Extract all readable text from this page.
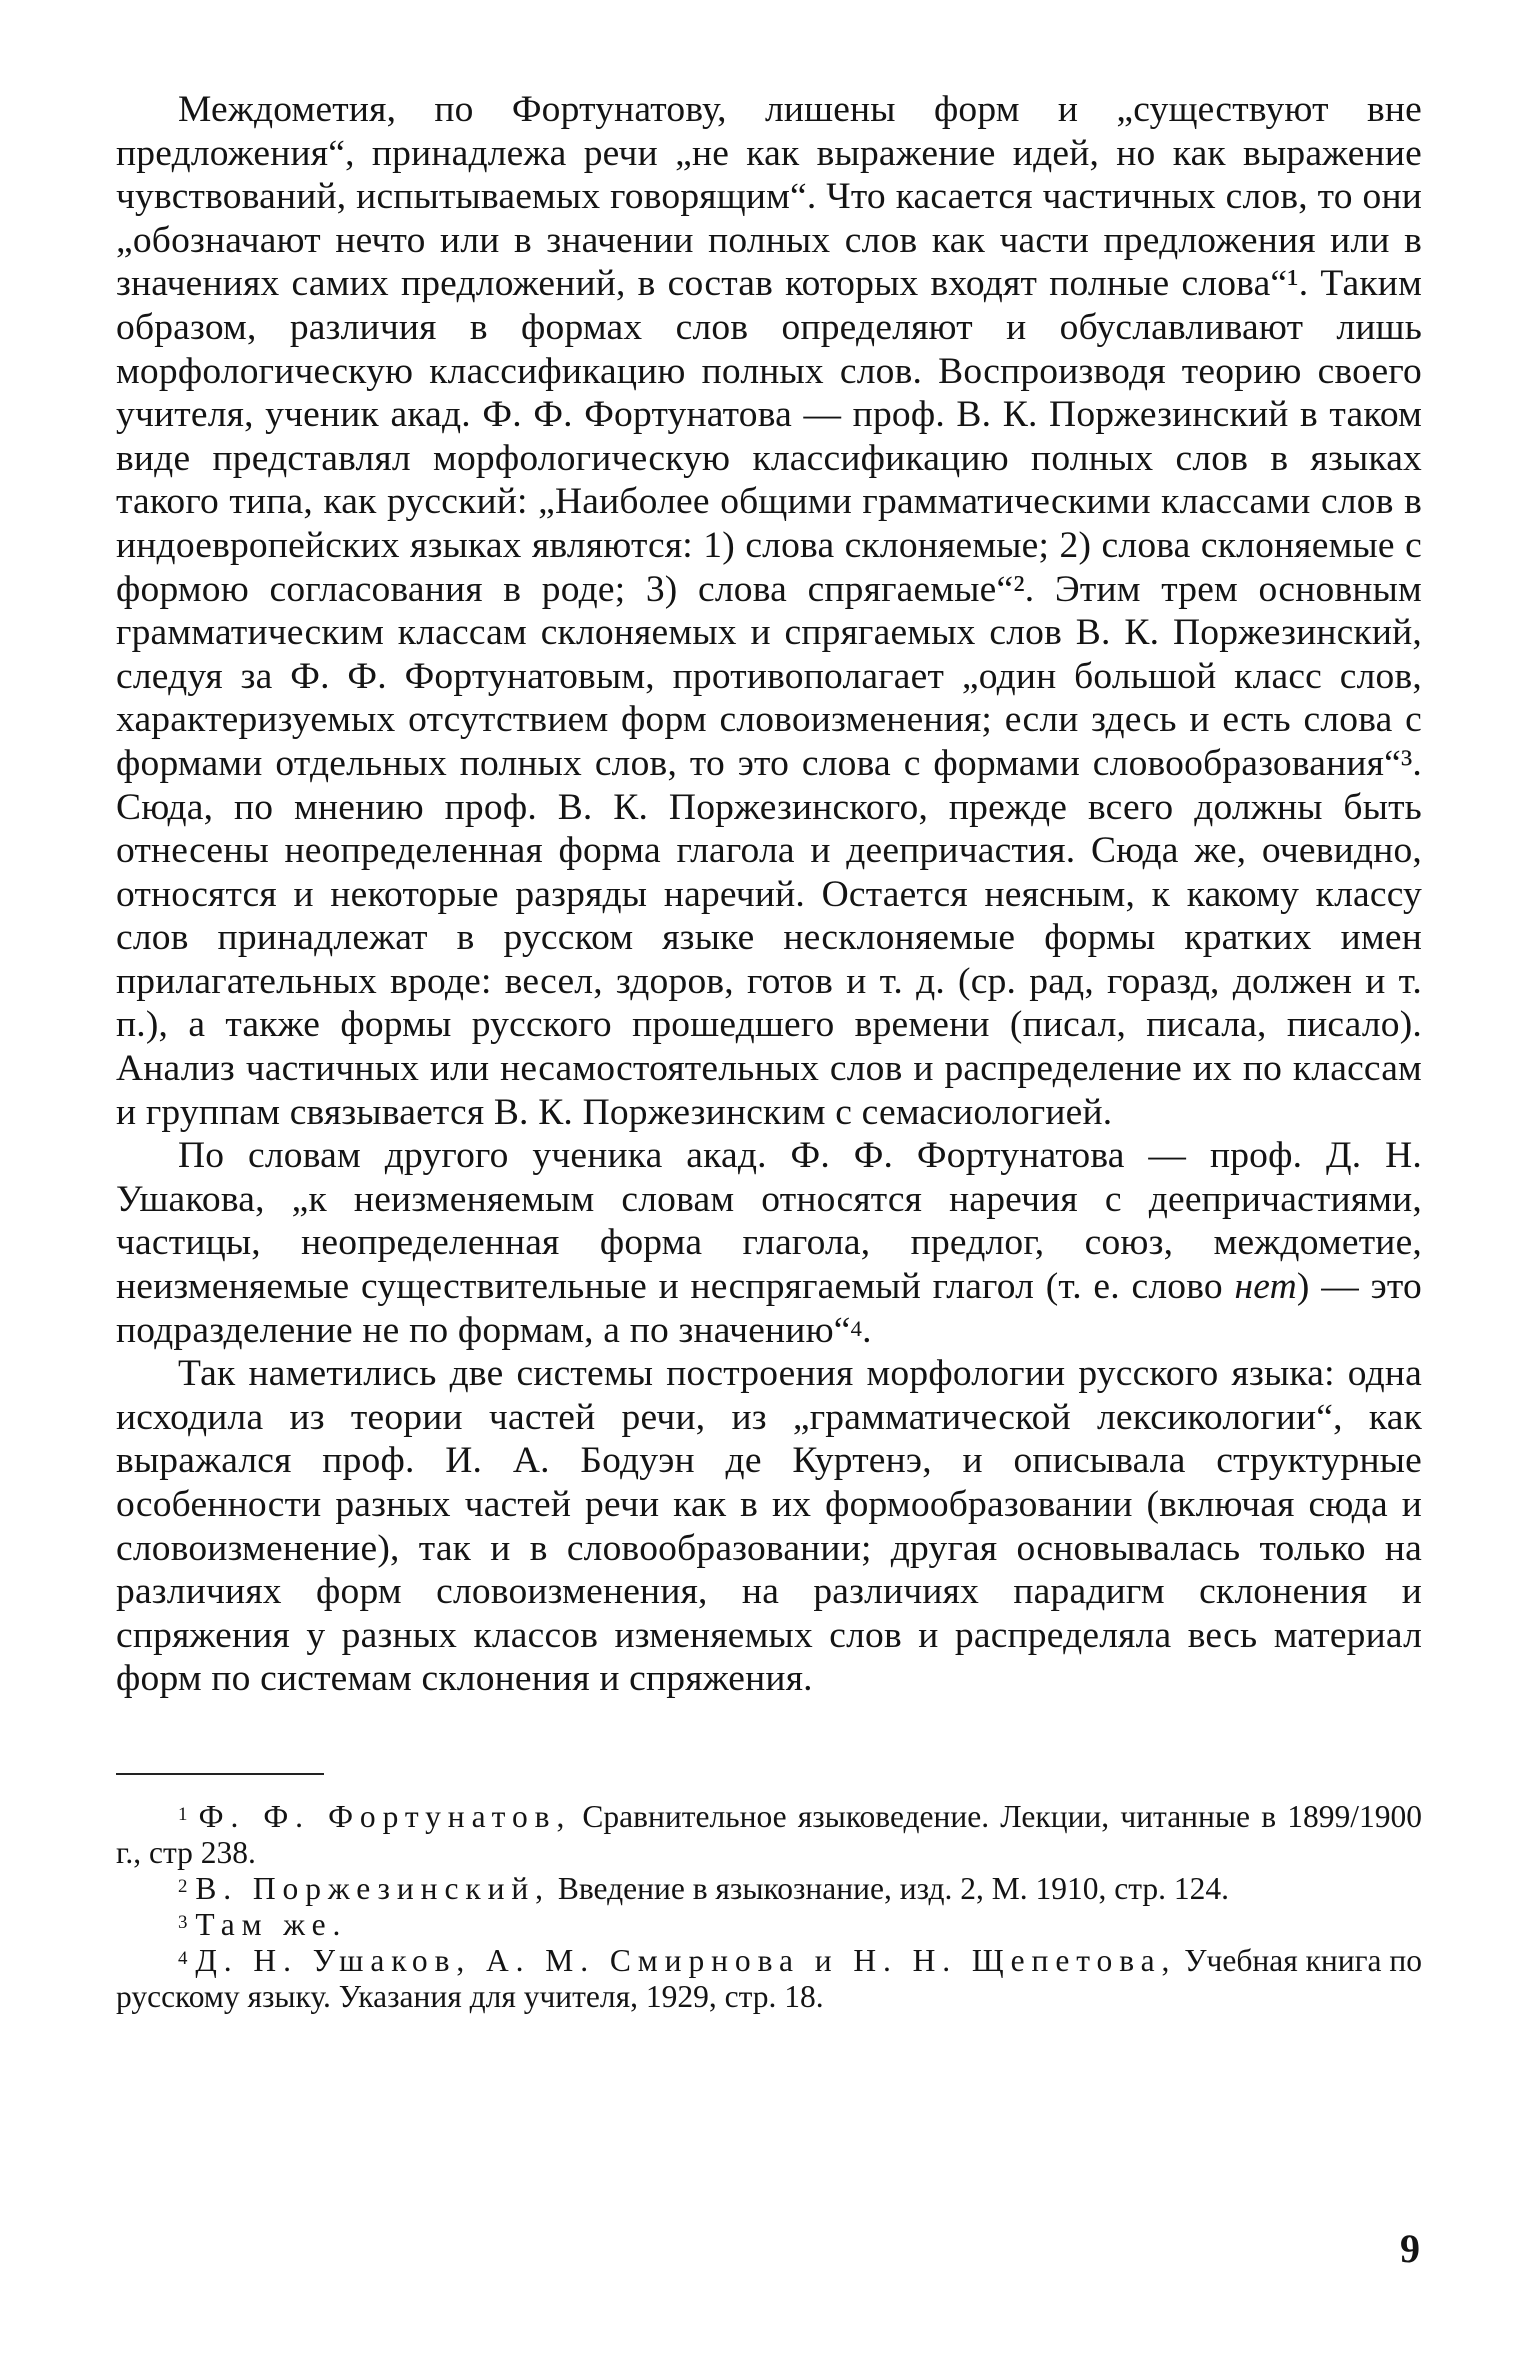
Междометия, по Фортунатову, лишены форм и „существуют вне предложения“, принадлежа речи „не как выражение идей, но как выражение чувствований, испытываемых говорящим“. Что касается частичных слов, то они „обозначают нечто или в значении полных слов как части предложения или в значениях самих предложений, в состав которых входят полные слова“¹. Таким образом, различия в формах слов определяют и обуславливают лишь морфологическую классификацию полных слов. Воспроизводя теорию своего учителя, ученик акад. Ф. Ф. Фортунатова — проф. В. К. Поржезинский в таком виде представлял морфологическую классификацию полных слов в языках такого типа, как русский: „Наиболее общими грамматическими классами слов в индоевропейских языках являются: 1) слова склоняемые; 2) слова склоняемые с формою согласования в роде; 3) слова спрягаемые“². Этим трем основным грамматическим классам склоняемых и спрягаемых слов В. К. Поржезинский, следуя за Ф. Ф. Фортунатовым, противополагает „один большой класс слов, характеризуемых отсутствием форм словоизменения; если здесь и есть слова с формами отдельных полных слов, то это слова с формами словообразования“³. Сюда, по мнению проф. В. К. Поржезинского, прежде всего должны быть отнесены неопределенная форма глагола и деепричастия. Сюда же, очевидно, относятся и некоторые разряды наречий. Остается неясным, к какому классу слов принадлежат в русском языке несклоняемые формы кратких имен прилагательных вроде: весел, здоров, готов и т. д. (ср. рад, горазд, должен и т. п.), а также формы русского прошедшего времени (писал, писала, писало). Анализ частичных или несамостоятельных слов и распределение их по классам и группам связывается В. К. Поржезинским с семасиологией.

По словам другого ученика акад. Ф. Ф. Фортунатова — проф. Д. Н. Ушакова, „к неизменяемым словам относятся наречия с деепричастиями, частицы, неопределенная форма глагола, предлог, союз, междометие, неизменяемые существительные и неспрягаемый глагол (т. е. слово нет) — это подразделение не по формам, а по значению“$^4$.

Так наметились две системы построения морфологии русского языка: одна исходила из теории частей речи, из „грамматической лексикологии“, как выражался проф. И. А. Бодуэн де Куртенэ, и описывала структурные особенности разных частей речи как в их формообразовании (включая сюда и словоизменение), так и в словообразовании; другая основывалась только на различиях форм словоизменения, на различиях парадигм склонения и спряжения у разных классов изменяемых слов и распределяла весь материал форм по системам склонения и спряжения.

$^1$ Ф. Ф. Фортунатов, Сравнительное языковедение. Лекции, читанные в 1899/1900 г., стр 238.

$^2$ В. Поржезинский, Введение в языкознание, изд. 2, М. 1910, стр. 124.

$^3$ Там же.

$^4$ Д. Н. Ушаков, А. М. Смирнова и Н. Н. Щепетова, Учебная книга по русскому языку. Указания для учителя, 1929, стр. 18.

9
